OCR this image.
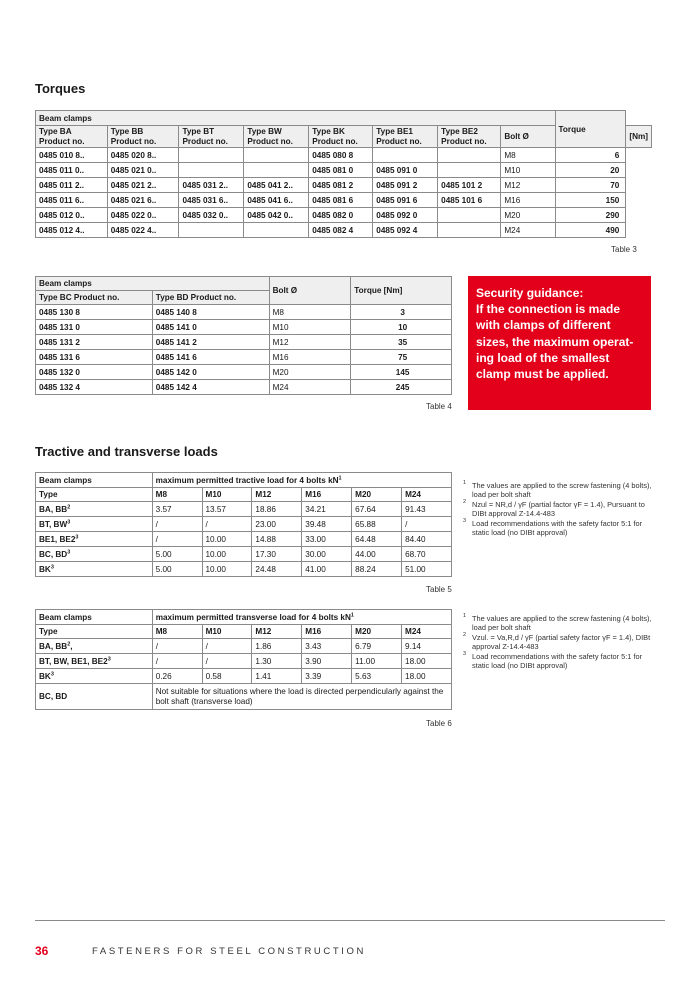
Torques
Beam clamps								Torque	
Type BA
Product no.	Type BB
Product no.	Type BT
Product no.	Type BW
Product no.	Type BK
Product no.	Type BE1
Product no.	Type BE2
Product no.	Bolt Ø		[Nm]
0485 010 8..	0485 020 8..			0485 080 8			M8	6	
0485 011 0..	0485 021 0..			0485 081 0	0485 091 0		M10	20	
0485 011 2..	0485 021 2..	0485 031 2..	0485 041 2..	0485 081 2	0485 091 2	0485 101 2	M12	70	
0485 011 6..	0485 021 6..	0485 031 6..	0485 041 6..	0485 081 6	0485 091 6	0485 101 6	M16	150	
0485 012 0..	0485 022 0..	0485 032 0..	0485 042 0..	0485 082 0	0485 092 0		M20	290	
0485 012 4..	0485 022 4..			0485 082 4	0485 092 4		M24	490	
Table 3
Beam clamps		Bolt Ø	Torque [Nm]
Type BC Product no.	Type BD Product no.		
0485 130 8	0485 140 8	M8	3
0485 131 0	0485 141 0	M10	10
0485 131 2	0485 141 2	M12	35
0485 131 6	0485 141 6	M16	75
0485 132 0	0485 142 0	M20	145
0485 132 4	0485 142 4	M24	245
Table 4
Security guidance:
If the connection is made
with clamps of different
sizes, the maximum operat-
ing load of the smallest
clamp must be applied.
Tractive and transverse loads
Beam clamps	maximum permitted tractive load for 4 bolts $kN^1$
Type	M8	M10	M12	M16	M20	M24
BA, $BB^2$	3.57	13.57	18.86	34.21	67.64	91.43
BT, $BW^3$	/	/	23.00	39.48	65.88	/
BE1, $BE2^3$	/	10.00	14.88	33.00	64.48	84.40
BC, $BD^3$	5.00	10.00	17.30	30.00	44.00	68.70
$BK^3$	5.00	10.00	24.48	41.00	88.24	51.00
Table 5
1 The values are applied to the screw fastening (4 bolts), load per bolt shaft
2 Nzul = NR,d / γF (partial factor γF = 1.4), Pursuant to DIBt approval Z-14.4-483
3 Load recommendations with the safety factor 5:1 for static load (no DIBt approval)
Beam clamps	maximum permitted transverse load for 4 bolts $kN^1$
Type	M8	M10	M12	M16	M20	M24
BA, $BB^2$,	/	/	1.86	3.43	6.79	9.14
BT, BW, BE1, $BE2^3$	/	/	1.30	3.90	11.00	18.00
$BK^3$	0.26	0.58	1.41	3.39	5.63	18.00
BC, BD	Not suitable for situations where the load is directed perpendicularly against the bolt shaft (transverse load)					
Table 6
1 The values are applied to the screw fastening (4 bolts), load per bolt shaft
2 Vzul. = Va,R,d / γF (partial safety factor γF = 1.4), DIBt approval Z-14.4-483
3 Load recommendations with the safety factor 5:1 for static load (no DIBt approval)
36	FASTENERS FOR STEEL CONSTRUCTION
